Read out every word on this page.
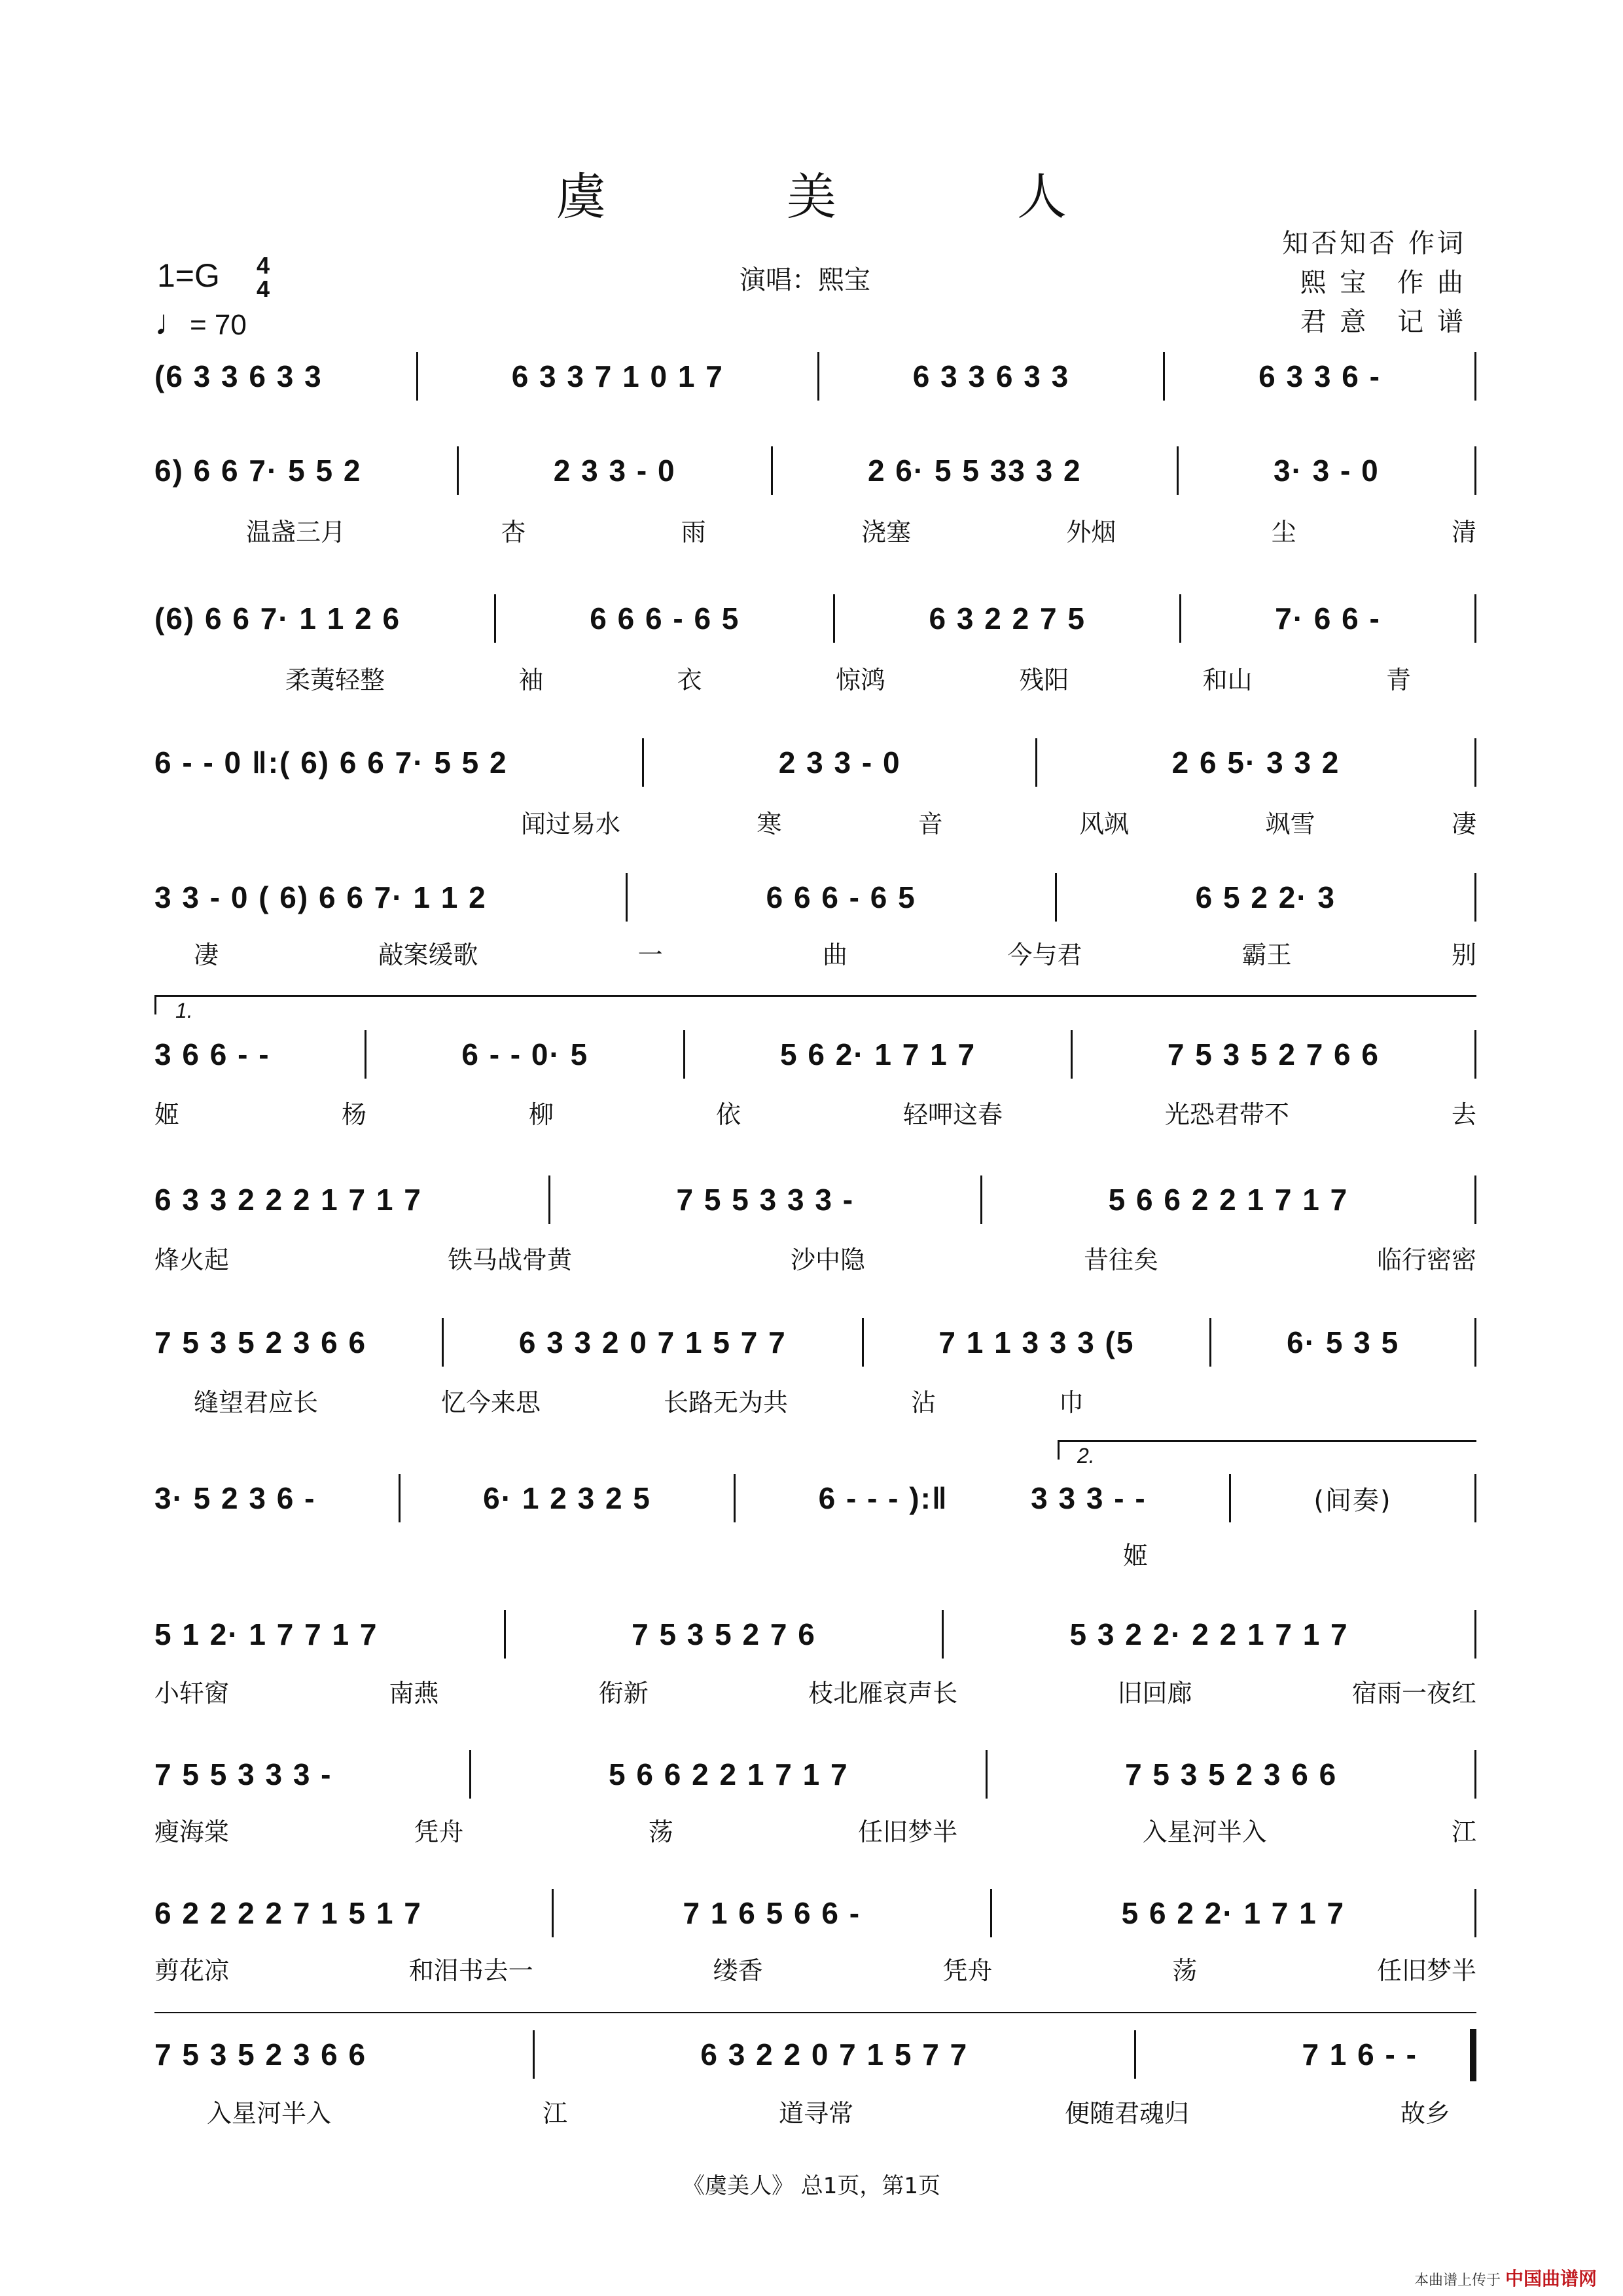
虞　美　人
1=G 4
4
♩= 70
演唱：熙宝
知否知否 作词
熙 宝　作 曲
君 意　记 谱
(6 3 3 6 3 3	6 3 3 7 1 0 1 7	6 3 3 6 3 3	6 3 3 6 -
6) 6 6 7· 5 5 2	2 3 3 - 0	2 6· 5 5 33 3 2	3· 3 - 0
温盏三月	杏	雨	浇塞	外烟	尘	清
(6) 6 6 7· 1 1 2 6	6 6 6 - 6 5	6 3 2 2 7 5	7· 6 6 -
柔荑轻整	袖	衣	惊鸿	残阳	和山	青
6 - - 0 ‖:( 6) 6 6 7· 5 5 2	2 3 3 - 0	2 6 5· 3 3 2
闻过易水	寒	音	风飒	飒雪	凄
3 3 - 0 ( 6) 6 6 7· 1 1 2	6 6 6 - 6 5	6 5 2 2· 3
凄	敲案缓歌	一	曲	今与君	霸王	别
1.
3 6 6 - -	6 - - 0· 5	5 6 2· 1 7 1 7	7 5 3 5 2 7 6 6
姬	杨	柳	依	轻呷这春	光恐君带不	去
6 3 3 2 2 2 1 7 1 7	7 5 5 3 3 3 -	5 6 6 2 2 1 7 1 7
烽火起	铁马战骨黄	沙中隐	昔往矣	临行密密
7 5 3 5 2 3 6 6	6 3 3 2 0 7 1 5 7 7	7 1 1 3 3 3 (5	6· 5 3 5
缝望君应长	忆今来思	长路无为共	沾	巾
2.
3· 5 2 3 6 -	6· 1 2 3 2 5	6 - - - ):‖	3 3 3 - -	(间奏)
姬
5 1 2· 1 7 7 1 7	7 5 3 5 2 7 6	5 3 2 2· 2 2 1 7 1 7
小轩窗	南燕	衔新	枝北雁哀声长	旧回廊	宿雨一夜红
7 5 5 3 3 3 -	5 6 6 2 2 1 7 1 7	7 5 3 5 2 3 6 6
瘦海棠	凭舟	荡	任旧梦半	入星河半入	江
6 2 2 2 2 7 1 5 1 7	7 1 6 5 6 6 -	5 6 2 2· 1 7 1 7
剪花凉	和泪书去一	缕香	凭舟	荡	任旧梦半
7 5 3 5 2 3 6 6	6 3 2 2 0 7 1 5 7 7	7 1 6 - -
入星河半入	江	道寻常	便随君魂归	故乡
《虞美人》 总1页，第1页
本曲谱上传于 中国曲谱网
